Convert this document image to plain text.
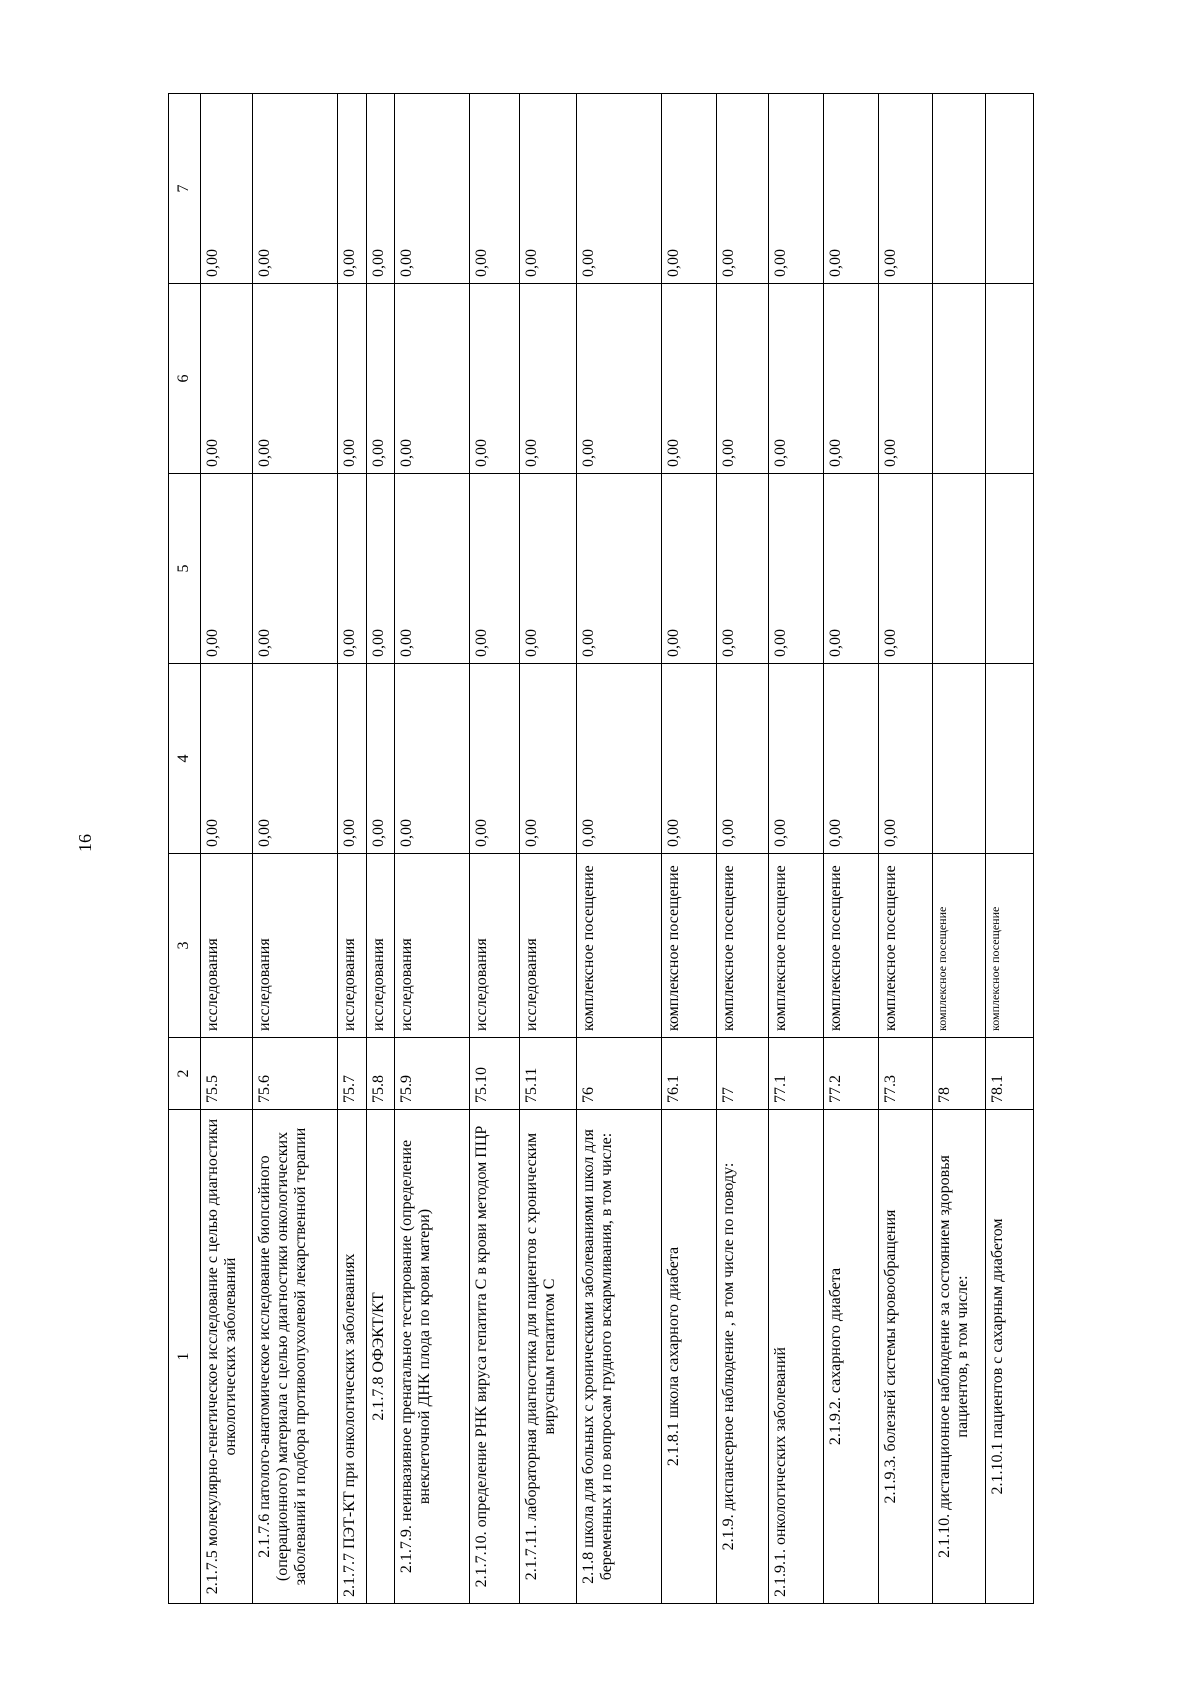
16
1	2	3	4	5	6	7
2.1.7.5 молекулярно-генетическое исследование с целью диагностики онкологических заболеваний	75.5	исследования	0,00	0,00	0,00	0,00
2.1.7.6 патолого-анатомическое исследование биопсийного (операционного) материала с целью диагностики онкологических заболеваний и подбора противоопухолевой лекарственной терапии	75.6	исследования	0,00	0,00	0,00	0,00
2.1.7.7 ПЭТ-КТ при онкологических заболеваниях	75.7	исследования	0,00	0,00	0,00	0,00
2.1.7.8 ОФЭКТ/КТ	75.8	исследования	0,00	0,00	0,00	0,00
2.1.7.9. неинвазивное пренатальное тестирование (определение внеклеточной ДНК плода по крови матери)	75.9	исследования	0,00	0,00	0,00	0,00
2.1.7.10. определение РНК вируса гепатита С в крови методом ПЦР	75.10	исследования	0,00	0,00	0,00	0,00
2.1.7.11. лабораторная диагностика для пациентов с хроническим вирусным гепатитом С	75.11	исследования	0,00	0,00	0,00	0,00
2.1.8 школа для больных с хроническими заболеваниями школ для беременных и по вопросам грудного вскармливания, в том числе:	76	комплексное посещение	0,00	0,00	0,00	0,00
2.1.8.1 школа сахарного диабета	76.1	комплексное посещение	0,00	0,00	0,00	0,00
2.1.9. диспансерное наблюдение , в том числе по поводу:	77	комплексное посещение	0,00	0,00	0,00	0,00
2.1.9.1. онкологических заболеваний	77.1	комплексное посещение	0,00	0,00	0,00	0,00
2.1.9.2. сахарного диабета	77.2	комплексное посещение	0,00	0,00	0,00	0,00
2.1.9.3. болезней системы кровообращения	77.3	комплексное посещение	0,00	0,00	0,00	0,00
2.1.10. дистанционное наблюдение за состоянием здоровья пациентов, в том числе:	78	комплексное посещение				

2.1.10.1 пациентов с сахарным диабетом	78.1	комплексное посещение				
